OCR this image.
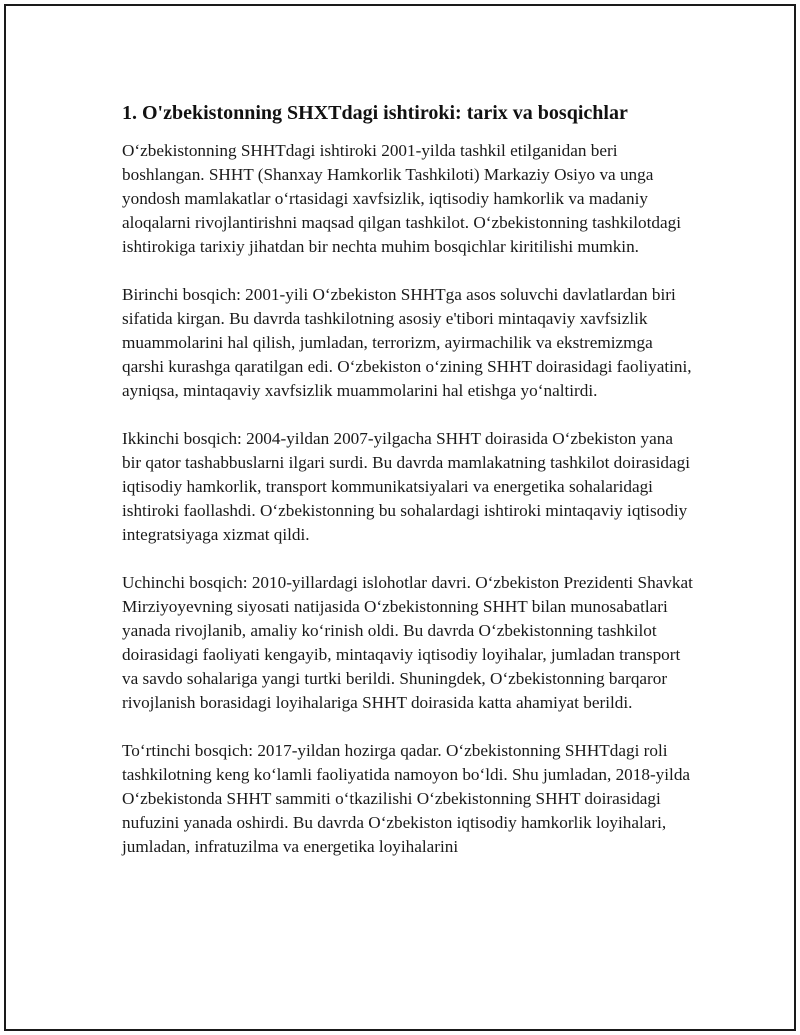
1. O'zbekistonning SHXTdagi ishtiroki: tarix va bosqichlar

O‘zbekistonning SHHTdagi ishtiroki 2001-yilda tashkil etilganidan beri boshlangan. SHHT (Shanxay Hamkorlik Tashkiloti) Markaziy Osiyo va unga yondosh mamlakatlar o‘rtasidagi xavfsizlik, iqtisodiy hamkorlik va madaniy aloqalarni rivojlantirishni maqsad qilgan tashkilot. O‘zbekistonning tashkilotdagi ishtirokiga tarixiy jihatdan bir nechta muhim bosqichlar kiritilishi mumkin.

Birinchi bosqich: 2001-yili O‘zbekiston SHHTga asos soluvchi davlatlardan biri sifatida kirgan. Bu davrda tashkilotning asosiy e'tibori mintaqaviy xavfsizlik muammolarini hal qilish, jumladan, terrorizm, ayirmachilik va ekstremizmga qarshi kurashga qaratilgan edi. O‘zbekiston o‘zining SHHT doirasidagi faoliyatini, ayniqsa, mintaqaviy xavfsizlik muammolarini hal etishga yo‘naltirdi.

Ikkinchi bosqich: 2004-yildan 2007-yilgacha SHHT doirasida O‘zbekiston yana bir qator tashabbuslarni ilgari surdi. Bu davrda mamlakatning tashkilot doirasidagi iqtisodiy hamkorlik, transport kommunikatsiyalari va energetika sohalaridagi ishtiroki faollashdi. O‘zbekistonning bu sohalardagi ishtiroki mintaqaviy iqtisodiy integratsiyaga xizmat qildi.

Uchinchi bosqich: 2010-yillardagi islohotlar davri. O‘zbekiston Prezidenti Shavkat Mirziyoyevning siyosati natijasida O‘zbekistonning SHHT bilan munosabatlari yanada rivojlanib, amaliy ko‘rinish oldi. Bu davrda O‘zbekistonning tashkilot doirasidagi faoliyati kengayib, mintaqaviy iqtisodiy loyihalar, jumladan transport va savdo sohalariga yangi turtki berildi. Shuningdek, O‘zbekistonning barqaror rivojlanish borasidagi loyihalariga SHHT doirasida katta ahamiyat berildi.

To‘rtinchi bosqich: 2017-yildan hozirga qadar. O‘zbekistonning SHHTdagi roli tashkilotning keng ko‘lamli faoliyatida namoyon bo‘ldi. Shu jumladan, 2018-yilda O‘zbekistonda SHHT sammiti o‘tkazilishi O‘zbekistonning SHHT doirasidagi nufuzini yanada oshirdi. Bu davrda O‘zbekiston iqtisodiy hamkorlik loyihalari, jumladan, infratuzilma va energetika loyihalarini
